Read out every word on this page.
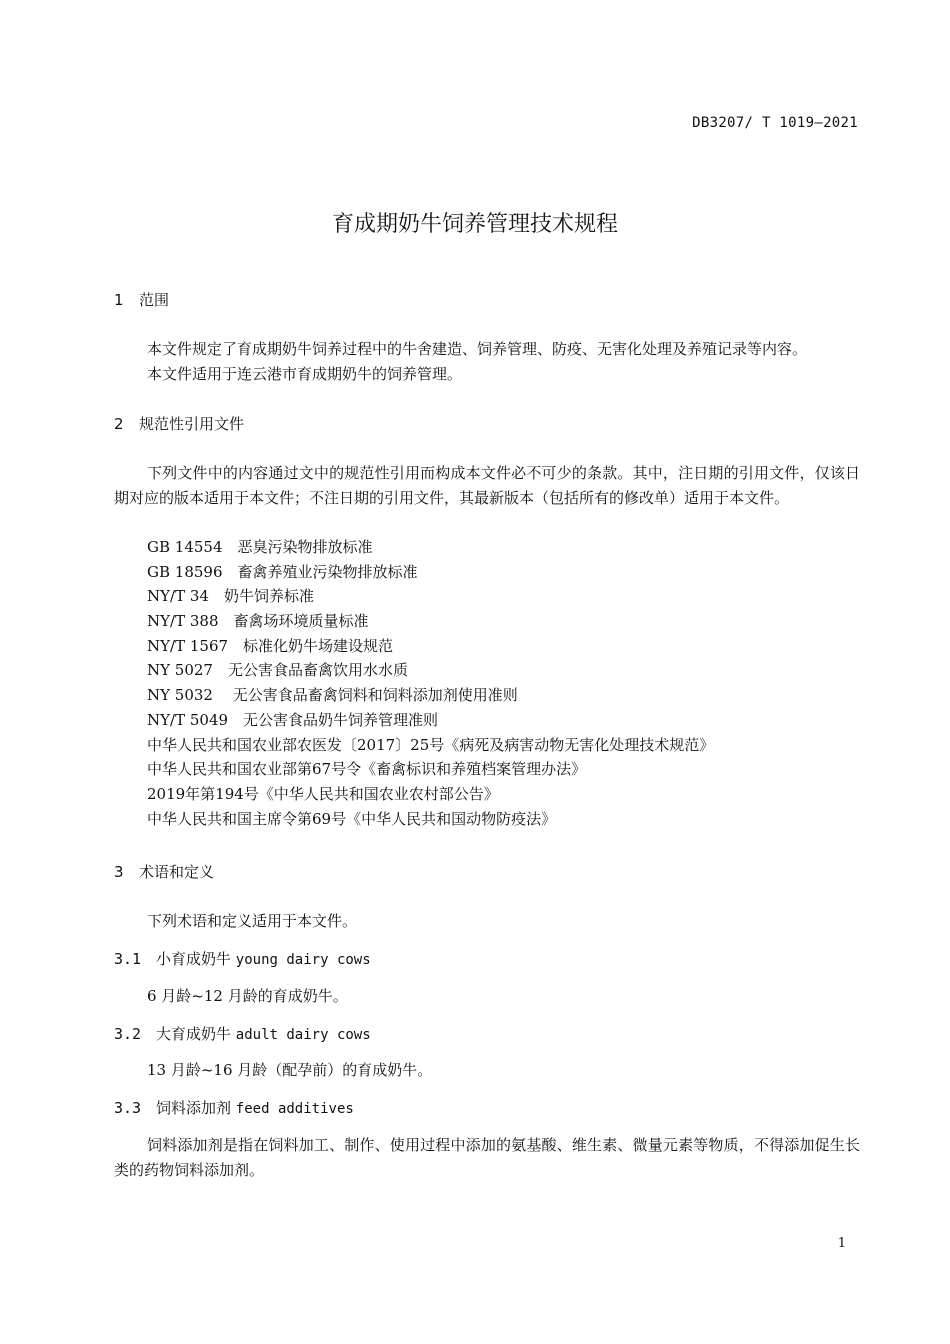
DB3207/ T 1019—2021
育成期奶牛饲养管理技术规程
1 范围
本文件规定了育成期奶牛饲养过程中的牛舍建造、饲养管理、防疫、无害化处理及养殖记录等内容。
本文件适用于连云港市育成期奶牛的饲养管理。
2 规范性引用文件
下列文件中的内容通过文中的规范性引用而构成本文件必不可少的条款。其中，注日期的引用文件，仅该日期对应的版本适用于本文件；不注日期的引用文件，其最新版本（包括所有的修改单）适用于本文件。
GB 14554　恶臭污染物排放标准
GB 18596　畜禽养殖业污染物排放标准
NY/T 34　奶牛饲养标准
NY/T 388　畜禽场环境质量标准
NY/T 1567　标准化奶牛场建设规范
NY 5027　无公害食品畜禽饮用水水质
NY 5032　 无公害食品畜禽饲料和饲料添加剂使用准则
NY/T 5049　无公害食品奶牛饲养管理准则
中华人民共和国农业部农医发〔2017〕25号《病死及病害动物无害化处理技术规范》
中华人民共和国农业部第67号令《畜禽标识和养殖档案管理办法》
2019年第194号《中华人民共和国农业农村部公告》
中华人民共和国主席令第69号《中华人民共和国动物防疫法》
3 术语和定义
下列术语和定义适用于本文件。
3.1 小育成奶牛 young dairy cows
6 月龄~12 月龄的育成奶牛。
3.2 大育成奶牛 adult dairy cows
13 月龄~16 月龄（配孕前）的育成奶牛。
3.3 饲料添加剂 feed additives
饲料添加剂是指在饲料加工、制作、使用过程中添加的氨基酸、维生素、微量元素等物质，不得添加促生长类的药物饲料添加剂。
1
